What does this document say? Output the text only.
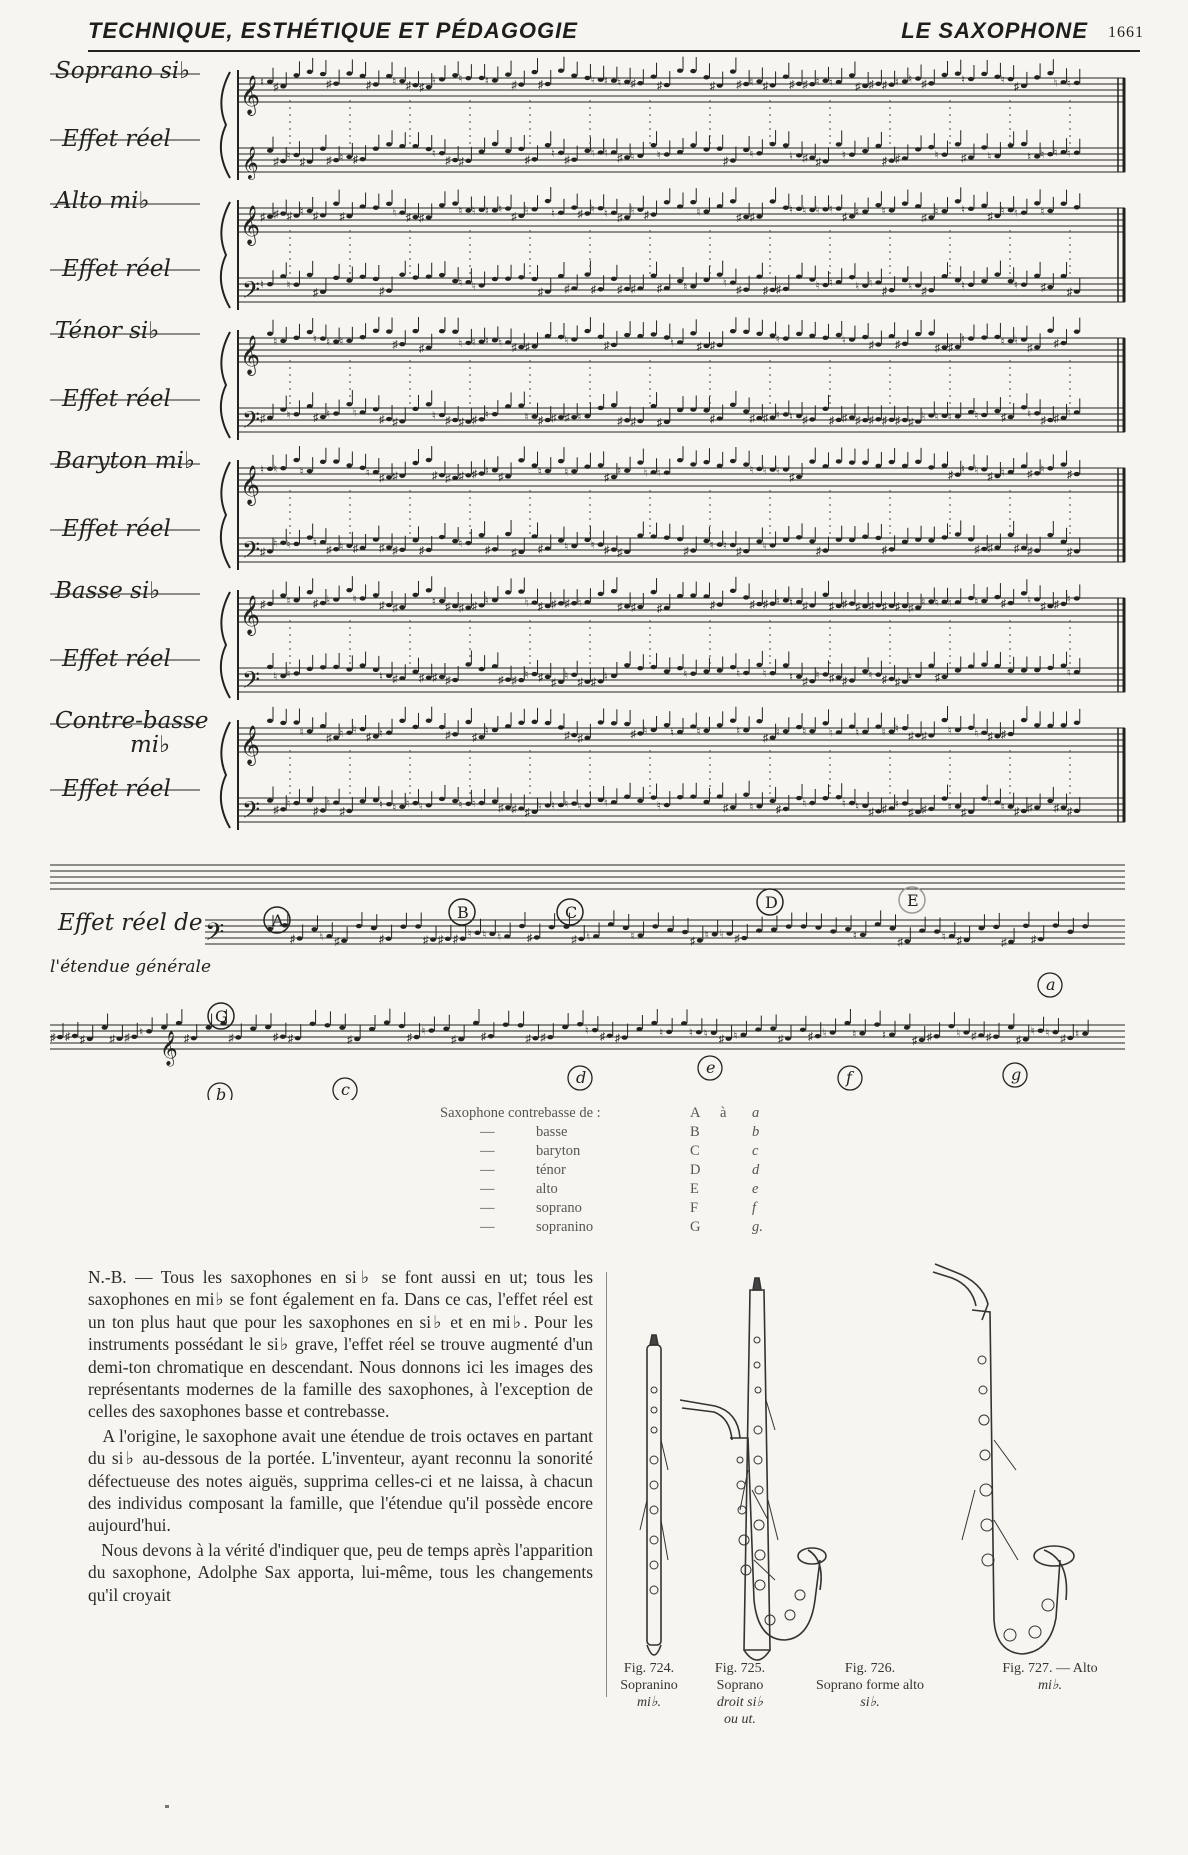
TECHNIQUE, ESTHÉTIQUE ET PÉDAGOGIE	LE SAXOPHONE 1661
𝄞
𝄞
♮ ♯	♯	♯ ♮ ♯ ♯
♮ ♮ ♮ ♯ ♯	♮ ♮ ♮ ♯ ♯	♯ ♯ ♮ ♯ ♯ ♯ ♮ ♮ ♯ ♯ ♯ ♮ ♮ ♯	♮	♮
♯	♮ ♮
♯
♮
♯ ♯ ♮ ♯
♮
♯ ♯	♯
♮
♯
♮ ♮ ♯ ♮ ♮
♯
♮	♮ ♯ ♯
♮	♯ ♯	♮ ♯ ♮	♮ ♮ ♮ ♮
Soprano si♭
Effet réel
𝄞
𝄢
♯ ♯ ♯ ♮ ♯ ♯	♮ ♯ ♯
♮ ♮ ♮ ♮
♯
♮ ♮ ♯ ♮ ♮ ♯
♮ ♯	♮	♯ ♯
♮ ♮ ♮ ♮
♯ ♮ ♮
♯
♮ ♮
♯ ♮ ♮ ♮
♮ ♮
♯	♯
♮ ♮
♯ ♯ ♯ ♯ ♯ ♯ ♮	♮
♯ ♯ ♯	♮ ♮ ♮ ♮
♯ ♮ ♯	♮	♮ ♯ ♯
Alto mi♭
Effet réel
𝄞
𝄢
♮	♮ ♮ ♮	♯ ♯	♮ ♮ ♮ ♮ ♯ ♯
♮	♯	♮ ♯ ♯
♮	♮ ♯ ♯	♯ ♯
♮	♮ ♮
♯ ♯
♯ ♮ ♯ ♮ ♮
♯ ♯
♮ ♯ ♯ ♯ ♮	♮ ♯ ♯ ♯ ♮	♯ ♯ ♯	♯	♯ ♯ ♮ ♮ ♯ ♯ ♯ ♯ ♯ ♯ ♯ ♯
♮ ♮ ♮ ♮ ♯ ♮
♯ ♯ ♮
Ténor si♭
Effet réel
𝄞
𝄢
♮ ♮ ♮	♮ ♯ ♯	♯ ♯ ♯ ♯ ♮
♯	♮ ♮	♯
♮ ♮ ♮	♮ ♮ ♮
♯	♯
♮ ♮
♯ ♮ ♯ ♮ ♯
♯
♮ ♮ ♮
♯ ♮ ♯ ♯ ♯ ♯
♮
♯ ♯ ♯ ♮ ♮ ♯ ♯	♯ ♮ ♮
♯ ♮	♯	♯	♯ ♯ ♯ ♯	♯
Baryton mi♭
Effet réel
𝄞
𝄢
♯ ♮ ♯ ♮ ♮
♯ ♯
♮ ♯ ♯ ♯ ♮	♮ ♯ ♯ ♯ ♮	♯ ♯ ♯	♯	♯ ♯ ♮ ♮ ♯ ♯ ♯ ♯ ♯ ♯ ♯ ♯
♮ ♮ ♮ ♮ ♯ ♮
♯ ♯ ♮
♮ ♮	♮ ♯ ♯ ♯ ♯	♯ ♯
♮ ♯ ♯
♮
♯ ♯ ♮	♮	♮ ♮ ♮ ♯
♮ ♯ ♯ ♮ ♯ ♯ ♮ ♯	♮
Basse si♭
Effet réel
𝄞
𝄢
♮
♯ ♮ ♮
♯ ♮	♯ ♯
♮	♯ ♯	♯ ♮ ♮ ♮	♮
♯
♮ ♮ ♮ ♮ ♮ ♮
♯ ♯ ♮ ♮ ♯ ♯
♯
♮
♯
♮
♯
♮ ♮ ♮ ♮	♮ ♮ ♯ ♯ ♯
♮ ♮ ♮ ♮ ♮	♮	♯ ♮ ♯ ♮	♮ ♮ ♯ ♯ ♮
♯ ♯ ♮ ♯
♮ ♮ ♯ ♯ ♯ ♯
Contre-basse
mi♭
Effet réel
𝄢	♯ ♮ ♯	♯	♯ ♯ ♯ ♮ ♮ ♮ ♯	♯ ♮	♮	♯
♮ ♮ ♯	♮
♯	♮ ♯	♯ ♯
𝄞
♯ ♯ ♯ ♯ ♯ ♮
♯	♯	♯ ♯	♯	♯
♮
♯ ♯	♯ ♯
♮ ♯ ♯	♮ ♮ ♮ ♯ ♮	♯ ♯ ♮ ♮ ♮ ♯ ♯ ♮ ♯ ♯ ♯
♮ ♮ ♯ ♮
Effet réel de
l'étendue générale
A	B	C
D	E
G
a
b	c
d
e
f	g
Saxophone contrebasse de :	A à a
—	basse	B	b
—	baryton	C	c
—	ténor	D	d
—	alto	E	e
—	soprano	F	f
—	sopranino	G	g.

N.-B. — Tous les saxophones en si♭ se font aussi en ut; tous les saxophones en mi♭ se font également en fa. Dans ce cas, l'effet réel est un ton plus haut que pour les saxophones en si♭ et en mi♭. Pour les instruments possédant le si♭ grave, l'effet réel se trouve augmenté d'un demi-ton chromatique en descendant. Nous donnons ici les images des représentants modernes de la famille des saxophones, à l'exception de celles des saxophones basse et contrebasse.

A l'origine, le saxophone avait une étendue de trois octaves en partant du si♭ au-dessous de la portée. L'inventeur, ayant reconnu la sonorité défectueuse des notes aiguës, supprima celles-ci et ne laissa, à chacun des individus composant la famille, que l'étendue qu'il possède encore aujourd'hui.

Nous devons à la vérité d'indiquer que, peu de temps après l'apparition du saxophone, Adolphe Sax apporta, lui-même, tous les changements qu'il croyait

Fig. 724.
Sopranino
mi♭.
Fig. 725.
Soprano
droit si♭
ou ut.
Fig. 726.
Soprano forme alto
si♭.
Fig. 727. — Alto
mi♭.
